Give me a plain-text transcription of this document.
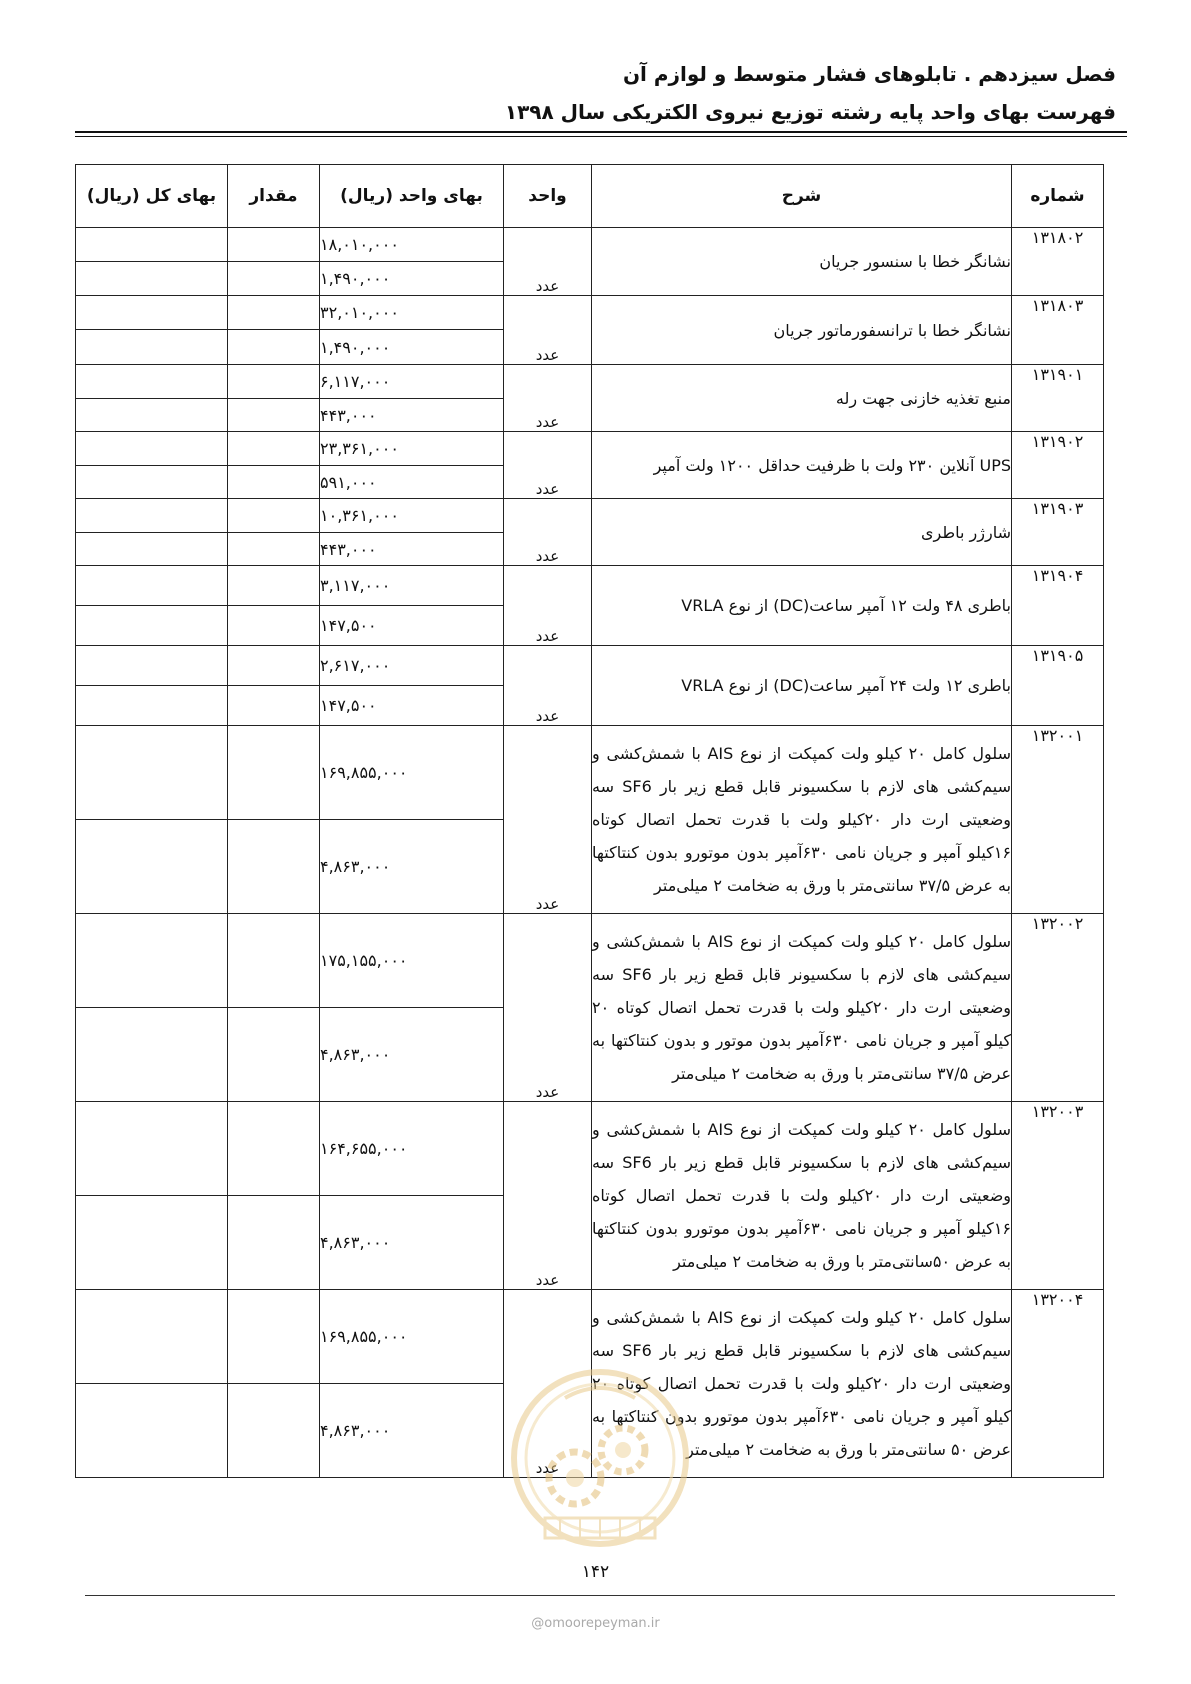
فصل سیزدهم . تابلوهای فشار متوسط و لوازم آن
فهرست بهای واحد پایه رشته توزیع نیروی الکتریکی سال ۱۳۹۸
شماره	شرح	واحد	بهای واحد (ریال)	مقدار	بهای کل (ریال)
۱۳۱۸۰۲	نشانگر خطا با سنسور جریان	عدد	۱۸,۰۱۰,۰۰۰		
			۱,۴۹۰,۰۰۰		
۱۳۱۸۰۳	نشانگر خطا با ترانسفورماتور جریان	عدد	۳۲,۰۱۰,۰۰۰		
			۱,۴۹۰,۰۰۰		
۱۳۱۹۰۱	منبع تغذیه خازنی جهت رله	عدد	۶,۱۱۷,۰۰۰		
			۴۴۳,۰۰۰		
۱۳۱۹۰۲	UPS آنلاین ۲۳۰ ولت با ظرفیت حداقل ۱۲۰۰ ولت آمپر	عدد	۲۳,۳۶۱,۰۰۰		
			۵۹۱,۰۰۰		
۱۳۱۹۰۳	شارژر باطری	عدد	۱۰,۳۶۱,۰۰۰		
			۴۴۳,۰۰۰		
۱۳۱۹۰۴	باطری ۴۸ ولت ۱۲ آمپر ساعت(DC) از نوع VRLA	عدد	۳,۱۱۷,۰۰۰		
			۱۴۷,۵۰۰		
۱۳۱۹۰۵	باطری ۱۲ ولت ۲۴ آمپر ساعت(DC) از نوع VRLA	عدد	۲,۶۱۷,۰۰۰		
			۱۴۷,۵۰۰		
۱۳۲۰۰۱	سلول کامل ۲۰ کیلو ولت کمپکت از نوع AIS با شمش‌کشی و سیم‌کشی های لازم با سکسیونر قابل قطع زیر بار SF6 سه وضعیتی ارت دار ۲۰کیلو ولت با قدرت تحمل اتصال کوتاه ۱۶کیلو آمپر و جریان نامی ۶۳۰آمپر بدون موتورو بدون کنتاکتها به عرض ۳۷/۵ سانتی‌متر با ورق به ضخامت ۲ میلی‌متر	عدد	۱۶۹,۸۵۵,۰۰۰		
			۴,۸۶۳,۰۰۰		
۱۳۲۰۰۲	سلول کامل ۲۰ کیلو ولت کمپکت از نوع AIS با شمش‌کشی و سیم‌کشی های لازم با سکسیونر قابل قطع زیر بار SF6 سه وضعیتی ارت دار ۲۰کیلو ولت با قدرت تحمل اتصال کوتاه ۲۰ کیلو آمپر و جریان نامی ۶۳۰آمپر بدون موتور و بدون کنتاکتها به عرض ۳۷/۵ سانتی‌متر با ورق به ضخامت ۲ میلی‌متر	عدد	۱۷۵,۱۵۵,۰۰۰		
			۴,۸۶۳,۰۰۰		
۱۳۲۰۰۳	سلول کامل ۲۰ کیلو ولت کمپکت از نوع AIS با شمش‌کشی و سیم‌کشی های لازم با سکسیونر قابل قطع زیر بار SF6 سه وضعیتی ارت دار ۲۰کیلو ولت با قدرت تحمل اتصال کوتاه ۱۶کیلو آمپر و جریان نامی ۶۳۰آمپر بدون موتورو بدون کنتاکتها به عرض ۵۰سانتی‌متر با ورق به ضخامت ۲ میلی‌متر	عدد	۱۶۴,۶۵۵,۰۰۰		
			۴,۸۶۳,۰۰۰		
۱۳۲۰۰۴	سلول کامل ۲۰ کیلو ولت کمپکت از نوع AIS با شمش‌کشی و سیم‌کشی های لازم با سکسیونر قابل قطع زیر بار SF6 سه وضعیتی ارت دار ۲۰کیلو ولت با قدرت تحمل اتصال کوتاه ۲۰ کیلو آمپر و جریان نامی ۶۳۰آمپر بدون موتورو بدون کنتاکتها به عرض ۵۰ سانتی‌متر با ورق به ضخامت ۲ میلی‌متر	عدد	۱۶۹,۸۵۵,۰۰۰		
			۴,۸۶۳,۰۰۰		
۱۴۲
@omoorepeyman.ir
